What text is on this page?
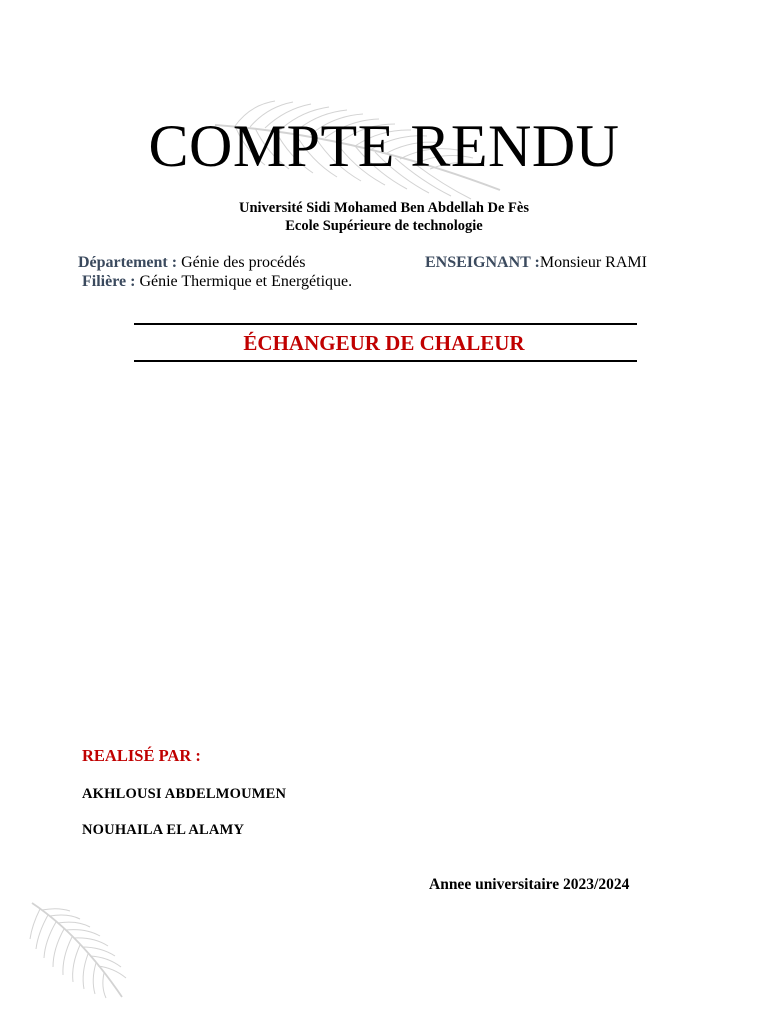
COMPTE RENDU
Université Sidi Mohamed Ben Abdellah De Fès
Ecole Supérieure de technologie
Département : Génie des procédés	ENSEIGNANT :Monsieur RAMI
Filière : Génie Thermique et Energétique.
ÉCHANGEUR DE CHALEUR
REALISÉ PAR :
AKHLOUSI ABDELMOUMEN
NOUHAILA EL ALAMY
Annee universitaire 2023/2024
